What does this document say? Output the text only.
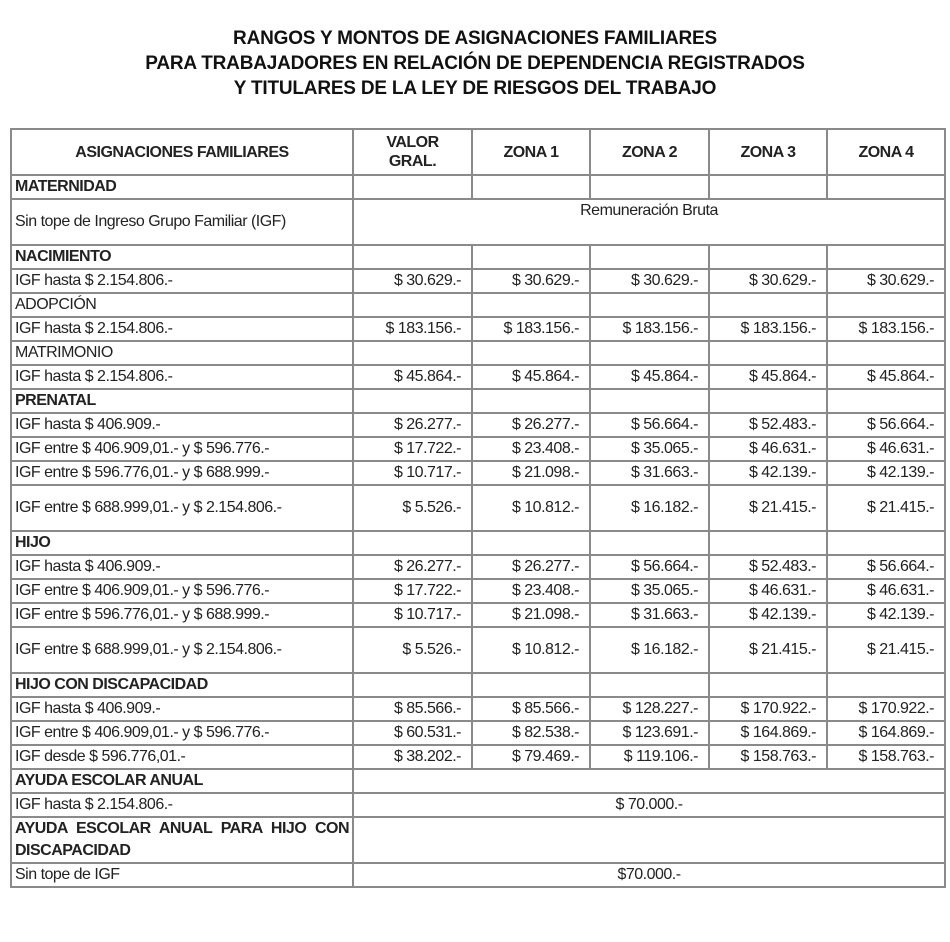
RANGOS Y MONTOS DE ASIGNACIONES FAMILIARES
PARA TRABAJADORES EN RELACIÓN DE DEPENDENCIA REGISTRADOS
Y TITULARES DE LA LEY DE RIESGOS DEL TRABAJO
ASIGNACIONES FAMILIARES	VALOR GRAL.	ZONA 1	ZONA 2	ZONA 3	ZONA 4
MATERNIDAD					
Sin tope de Ingreso Grupo Familiar (IGF)	Remuneración Bruta				
NACIMIENTO					
IGF hasta $ 2.154.806.-	$ 30.629.-	$ 30.629.-	$ 30.629.-	$ 30.629.-	$ 30.629.-
ADOPCIÓN					
IGF hasta $ 2.154.806.-	$ 183.156.-	$ 183.156.-	$ 183.156.-	$ 183.156.-	$ 183.156.-
MATRIMONIO					
IGF hasta $ 2.154.806.-	$ 45.864.-	$ 45.864.-	$ 45.864.-	$ 45.864.-	$ 45.864.-
PRENATAL					
IGF hasta $ 406.909.-	$ 26.277.-	$ 26.277.-	$ 56.664.-	$ 52.483.-	$ 56.664.-
IGF entre $ 406.909,01.- y $ 596.776.-	$ 17.722.-	$ 23.408.-	$ 35.065.-	$ 46.631.-	$ 46.631.-
IGF entre $ 596.776,01.- y $ 688.999.-	$ 10.717.-	$ 21.098.-	$ 31.663.-	$ 42.139.-	$ 42.139.-
IGF entre $ 688.999,01.- y $ 2.154.806.-	$ 5.526.-	$ 10.812.-	$ 16.182.-	$ 21.415.-	$ 21.415.-
HIJO					
IGF hasta $ 406.909.-	$ 26.277.-	$ 26.277.-	$ 56.664.-	$ 52.483.-	$ 56.664.-
IGF entre $ 406.909,01.- y $ 596.776.-	$ 17.722.-	$ 23.408.-	$ 35.065.-	$ 46.631.-	$ 46.631.-
IGF entre $ 596.776,01.- y $ 688.999.-	$ 10.717.-	$ 21.098.-	$ 31.663.-	$ 42.139.-	$ 42.139.-
IGF entre $ 688.999,01.- y $ 2.154.806.-	$ 5.526.-	$ 10.812.-	$ 16.182.-	$ 21.415.-	$ 21.415.-
HIJO CON DISCAPACIDAD					
IGF hasta $ 406.909.-	$ 85.566.-	$ 85.566.-	$ 128.227.-	$ 170.922.-	$ 170.922.-
IGF entre $ 406.909,01.- y $ 596.776.-	$ 60.531.-	$ 82.538.-	$ 123.691.-	$ 164.869.-	$ 164.869.-
IGF desde $ 596.776,01.-	$ 38.202.-	$ 79.469.-	$ 119.106.-	$ 158.763.-	$ 158.763.-
AYUDA ESCOLAR ANUAL					
IGF hasta $ 2.154.806.-	$ 70.000.-				
AYUDA ESCOLAR ANUAL PARA HIJO CON DISCAPACIDAD					
Sin tope de IGF	$70.000.-				
